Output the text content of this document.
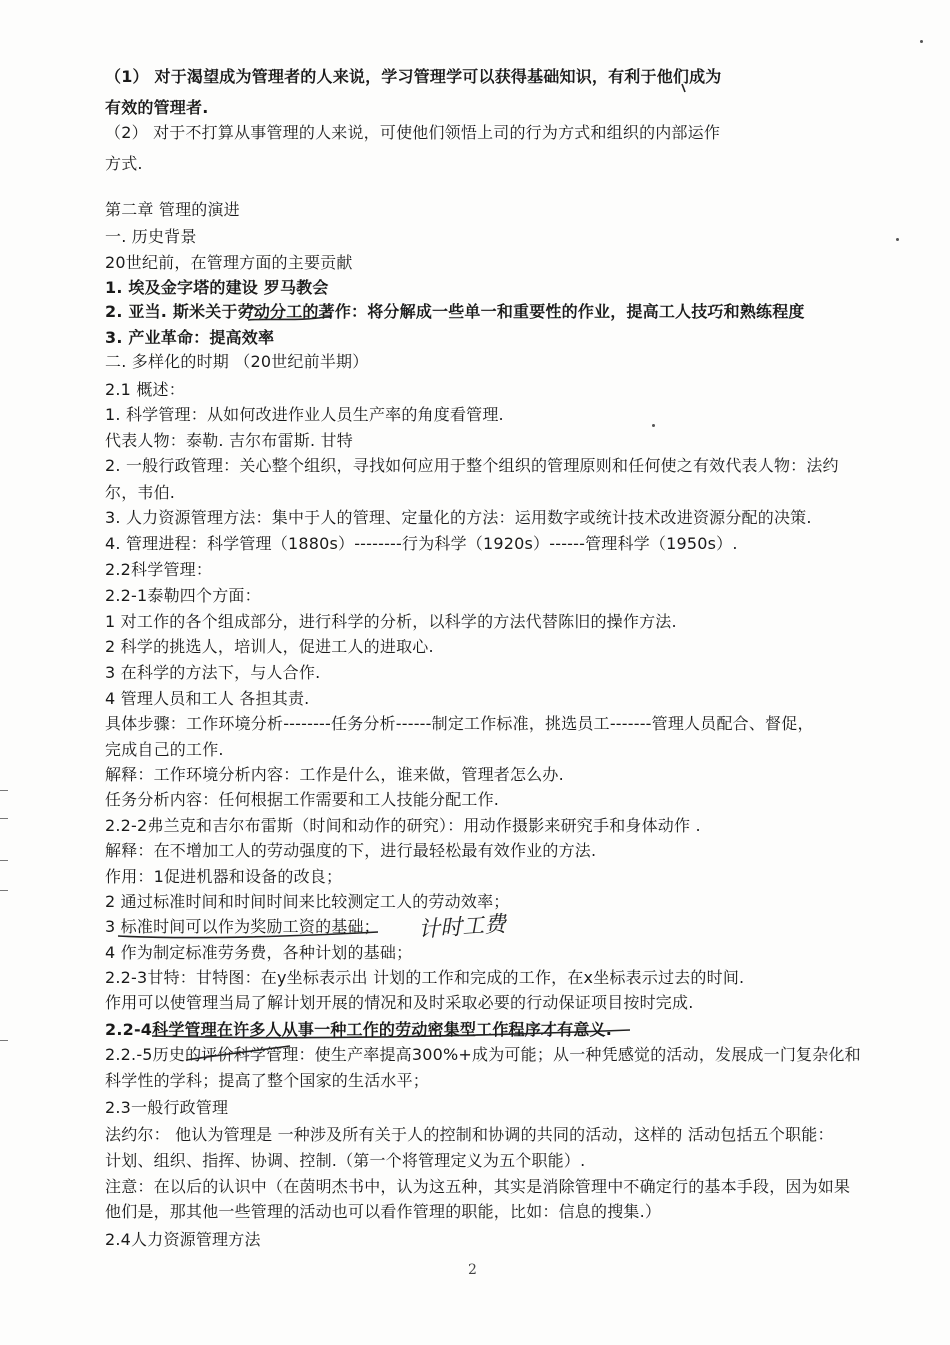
（1） 对于渴望成为管理者的人来说，学习管理学可以获得基础知识，有利于他们成为
有效的管理者.
（2） 对于不打算从事管理的人来说，可使他们领悟上司的行为方式和组织的内部运作
方式.
第二章 管理的演进
一. 历史背景
20世纪前，在管理方面的主要贡献
1. 埃及金字塔的建设 罗马教会
2. 亚当. 斯米关于劳动分工的著作：将分解成一些单一和重要性的作业，提高工人技巧和熟练程度
3. 产业革命：提高效率
二. 多样化的时期 （20世纪前半期）
2.1 概述：
1. 科学管理：从如何改进作业人员生产率的角度看管理.
代表人物：泰勒. 吉尔布雷斯. 甘特
2. 一般行政管理：关心整个组织，寻找如何应用于整个组织的管理原则和任何使之有效代表人物：法约
尔，韦伯.
3. 人力资源管理方法：集中于人的管理、定量化的方法：运用数字或统计技术改进资源分配的决策.
4. 管理进程：科学管理（1880s）--------行为科学（1920s）------管理科学（1950s）.
2.2科学管理：
2.2-1泰勒四个方面：
1 对工作的各个组成部分，进行科学的分析，以科学的方法代替陈旧的操作方法.
2 科学的挑选人，培训人，促进工人的进取心.
3 在科学的方法下，与人合作.
4 管理人员和工人 各担其责.
具体步骤：工作环境分析--------任务分析------制定工作标准，挑选员工-------管理人员配合、督促，
完成自己的工作.
解释：工作环境分析内容：工作是什么，谁来做，管理者怎么办.
任务分析内容：任何根据工作需要和工人技能分配工作.
2.2-2弗兰克和吉尔布雷斯（时间和动作的研究）：用动作摄影来研究手和身体动作 .
解释：在不增加工人的劳动强度的下，进行最轻松最有效作业的方法.
作用：1促进机器和设备的改良；
2 通过标准时间和时间时间来比较测定工人的劳动效率；
3 标准时间可以作为奖励工资的基础；
4 作为制定标准劳务费，各种计划的基础；
2.2-3甘特：甘特图：在y坐标表示出 计划的工作和完成的工作，在x坐标表示过去的时间.
作用可以使管理当局了解计划开展的情况和及时采取必要的行动保证项目按时完成.
2.2-4科学管理在许多人从事一种工作的劳动密集型工作程序才有意义.
2.2.-5历史的评价科学管理：使生产率提高300%+成为可能；从一种凭感觉的活动，发展成一门复杂化和
科学性的学科；提高了整个国家的生活水平；
2.3一般行政管理
法约尔： 他认为管理是 一种涉及所有关于人的控制和协调的共同的活动，这样的 活动包括五个职能：
计划、组织、指挥、协调、控制.（第一个将管理定义为五个职能）.
注意：在以后的认识中（在茵明杰书中，认为这五种，其实是消除管理中不确定行的基本手段，因为如果
他们是，那其他一些管理的活动也可以看作管理的职能，比如：信息的搜集.）
2.4人力资源管理方法
计时工费
2
